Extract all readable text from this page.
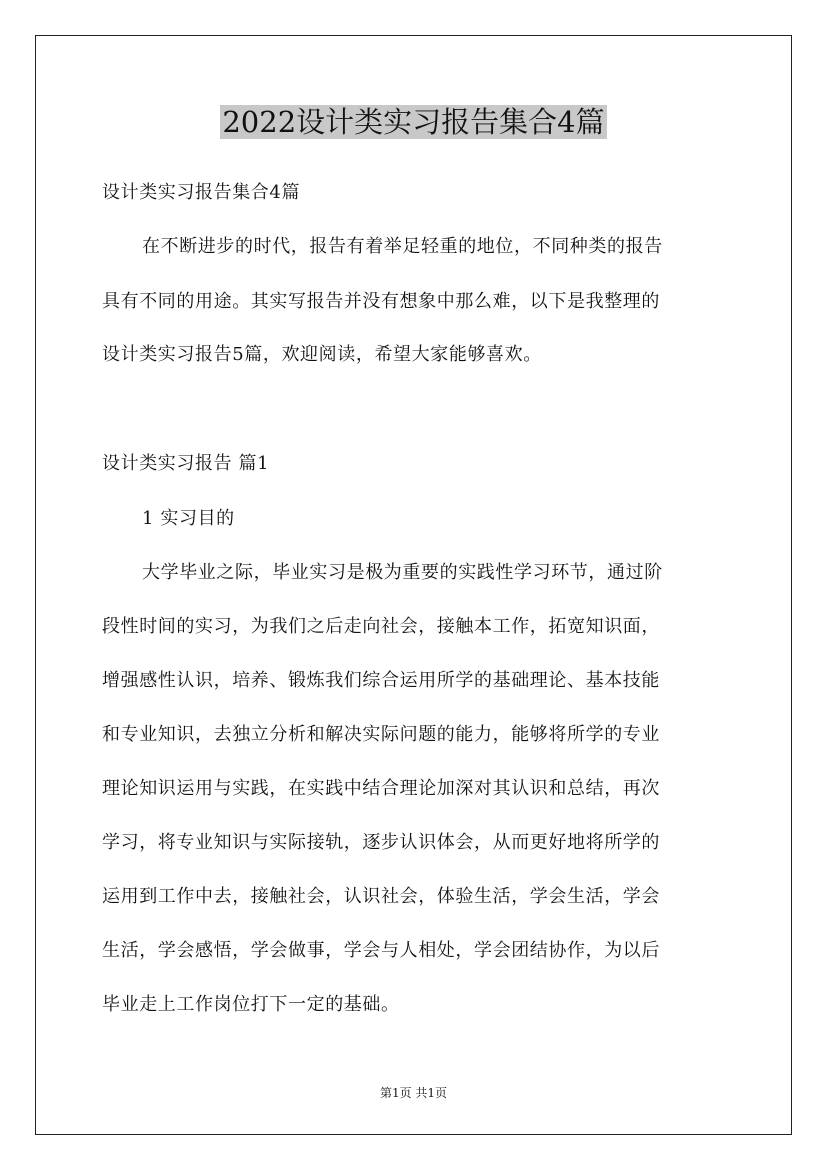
2022设计类实习报告集合4篇
设计类实习报告集合4篇
在不断进步的时代，报告有着举足轻重的地位，不同种类的报告
具有不同的用途。其实写报告并没有想象中那么难，以下是我整理的
设计类实习报告5篇，欢迎阅读，希望大家能够喜欢。
设计类实习报告 篇1
1 实习目的
大学毕业之际，毕业实习是极为重要的实践性学习环节，通过阶
段性时间的实习，为我们之后走向社会，接触本工作，拓宽知识面，
增强感性认识，培养、锻炼我们综合运用所学的基础理论、基本技能
和专业知识，去独立分析和解决实际问题的能力，能够将所学的专业
理论知识运用与实践，在实践中结合理论加深对其认识和总结，再次
学习，将专业知识与实际接轨，逐步认识体会，从而更好地将所学的
运用到工作中去，接触社会，认识社会，体验生活，学会生活，学会
生活，学会感悟，学会做事，学会与人相处，学会团结协作，为以后
毕业走上工作岗位打下一定的基础。
第1页 共1页
